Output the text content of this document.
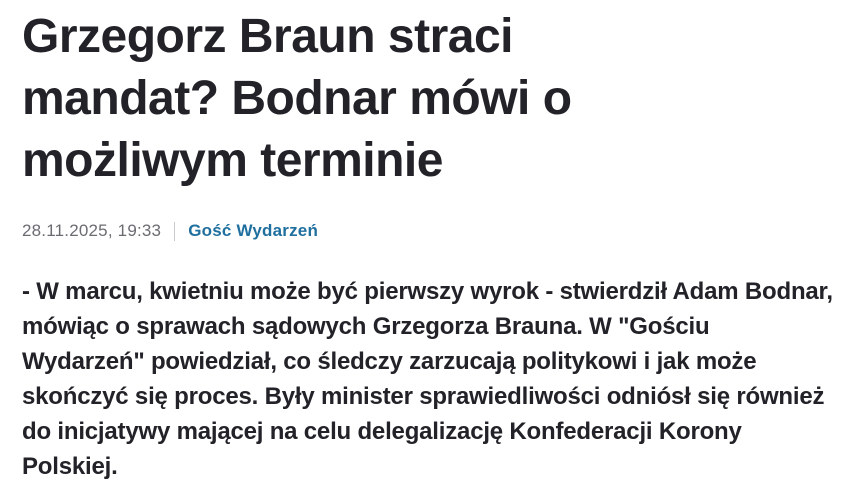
Grzegorz Braun straci
mandat? Bodnar mówi o
możliwym terminie
28.11.2025, 19:33 Gość Wydarzeń

- W marcu, kwietniu może być pierwszy wyrok - stwierdził Adam Bodnar, mówiąc o sprawach sądowych Grzegorza Brauna. W "Gościu Wydarzeń" powiedział, co śledczy zarzucają politykowi i jak może skończyć się proces. Były minister sprawiedliwości odniósł się również do inicjatywy mającej na celu delegalizację Konfederacji Korony Polskiej.
